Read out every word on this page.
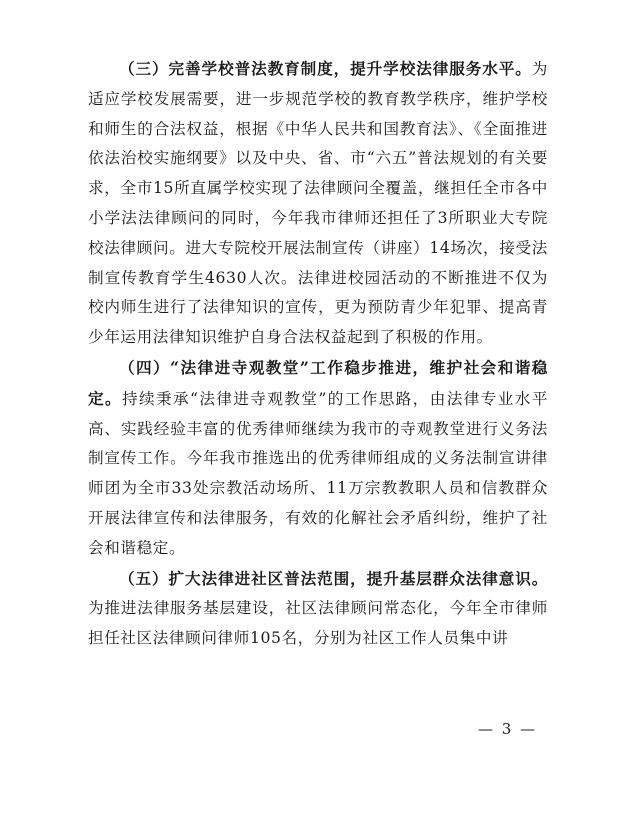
（三）完善学校普法教育制度，提升学校法律服务水平。为适应学校发展需要，进一步规范学校的教育教学秩序，维护学校和师生的合法权益，根据《中华人民共和国教育法》、《全面推进依法治校实施纲要》以及中央、省、市“六五”普法规划的有关要求，全市15所直属学校实现了法律顾问全覆盖，继担任全市各中小学法法律顾问的同时，今年我市律师还担任了3所职业大专院校法律顾问。进大专院校开展法制宣传（讲座）14场次，接受法制宣传教育学生4630人次。法律进校园活动的不断推进不仅为校内师生进行了法律知识的宣传，更为预防青少年犯罪、提高青少年运用法律知识维护自身合法权益起到了积极的作用。

（四）“法律进寺观教堂”工作稳步推进，维护社会和谐稳定。持续秉承“法律进寺观教堂”的工作思路，由法律专业水平高、实践经验丰富的优秀律师继续为我市的寺观教堂进行义务法制宣传工作。今年我市推选出的优秀律师组成的义务法制宣讲律师团为全市33处宗教活动场所、11万宗教教职人员和信教群众开展法律宣传和法律服务，有效的化解社会矛盾纠纷，维护了社会和谐稳定。

（五）扩大法律进社区普法范围，提升基层群众法律意识。为推进法律服务基层建设，社区法律顾问常态化，今年全市律师担任社区法律顾问律师105名，分别为社区工作人员集中讲

— 3 —
